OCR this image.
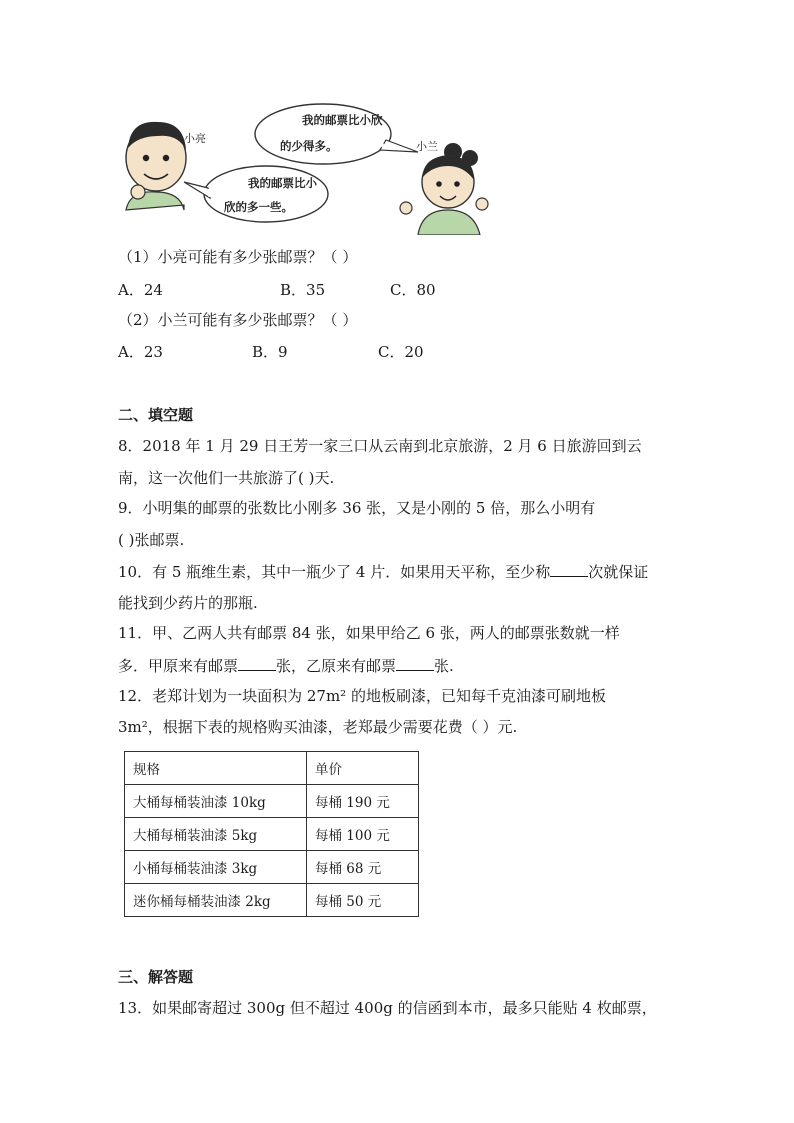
小亮
小兰
我的邮票比小欣
的少得多。
我的邮票比小
欣的多一些。
（1）小亮可能有多少张邮票？（ ）
A．24	B．35	C．80
（2）小兰可能有多少张邮票？（ ）
A．23	B．9	C．20
二、填空题
8．2018 年 1 月 29 日王芳一家三口从云南到北京旅游，2 月 6 日旅游回到云
南，这一次他们一共旅游了( )天.
9．小明集的邮票的张数比小刚多 36 张，又是小刚的 5 倍，那么小明有
( )张邮票.
10．有 5 瓶维生素，其中一瓶少了 4 片．如果用天平称，至少称	次就保证
能找到少药片的那瓶.
11．甲、乙两人共有邮票 84 张，如果甲给乙 6 张，两人的邮票张数就一样
多．甲原来有邮票	张，乙原来有邮票	张.
12．老郑计划为一块面积为 27m² 的地板刷漆，已知每千克油漆可刷地板
3m²，根据下表的规格购买油漆，老郑最少需要花费（ ）元.
规格	单价
大桶每桶装油漆 10kg	每桶 190 元
大桶每桶装油漆 5kg	每桶 100 元
小桶每桶装油漆 3kg	每桶 68 元
迷你桶每桶装油漆 2kg	每桶 50 元
三、解答题
13．如果邮寄超过 300g 但不超过 400g 的信函到本市，最多只能贴 4 枚邮票，
